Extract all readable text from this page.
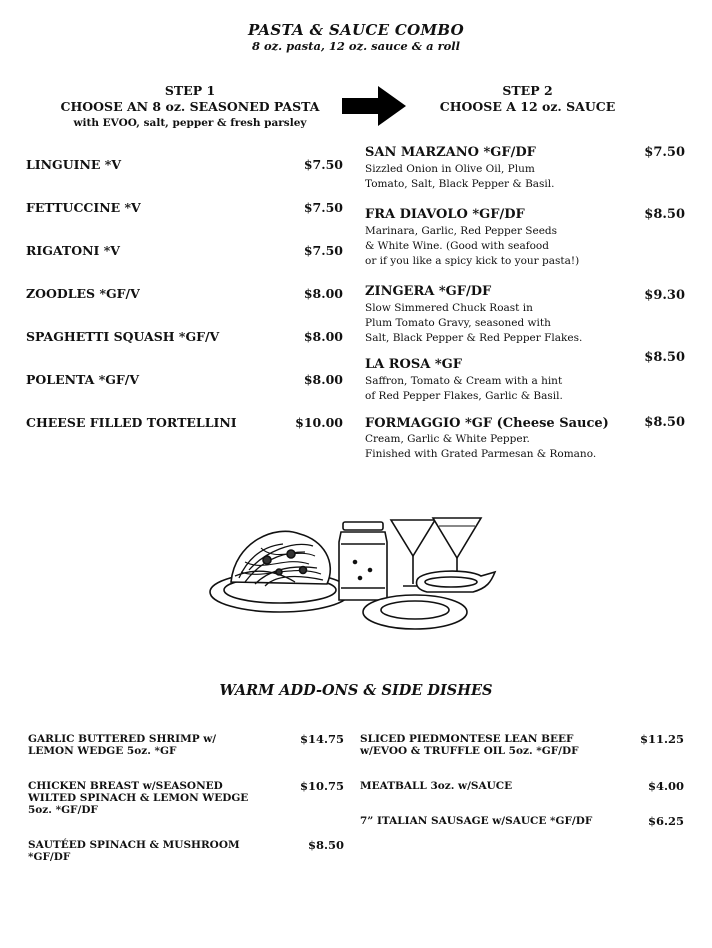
PASTA & SAUCE COMBO
8 oz. pasta, 12 oz. sauce & a roll
STEP 1
CHOOSE AN 8 oz. SEASONED PASTA
with EVOO, salt, pepper & fresh parsley
STEP 2
CHOOSE A 12 oz. SAUCE
LINGUINE *V	$7.50
FETTUCCINE *V	$7.50
RIGATONI *V	$7.50
ZOODLES *GF/V	$8.00
SPAGHETTI SQUASH *GF/V	$8.00
POLENTA *GF/V	$8.00
CHEESE FILLED TORTELLINI	$10.00
SAN MARZANO *GF/DF	$7.50
Sizzled Onion in Olive Oil, Plum
Tomato, Salt, Black Pepper & Basil.
FRA DIAVOLO *GF/DF	$8.50
Marinara, Garlic, Red Pepper Seeds
& White Wine. (Good with seafood
or if you like a spicy kick to your pasta!)
ZINGERA *GF/DF	$9.30
Slow Simmered Chuck Roast in
Plum Tomato Gravy, seasoned with
Salt, Black Pepper & Red Pepper Flakes.
LA ROSA *GF	$8.50
Saffron, Tomato & Cream with a hint
of Red Pepper Flakes, Garlic & Basil.
FORMAGGIO *GF (Cheese Sauce)	$8.50
Cream, Garlic & White Pepper.
Finished with Grated Parmesan & Romano.
WARM ADD-ONS & SIDE DISHES
GARLIC BUTTERED SHRIMP w/
LEMON WEDGE 5oz. *GF
$14.75
CHICKEN BREAST w/SEASONED
WILTED SPINACH & LEMON WEDGE
5oz. *GF/DF
$10.75
SAUTÉED SPINACH & MUSHROOM
*GF/DF
$8.50
SLICED PIEDMONTESE LEAN BEEF
w/EVOO & TRUFFLE OIL 5oz. *GF/DF
$11.25
MEATBALL 3oz. w/SAUCE	$4.00
7” ITALIAN SAUSAGE w/SAUCE *GF/DF	$6.25
